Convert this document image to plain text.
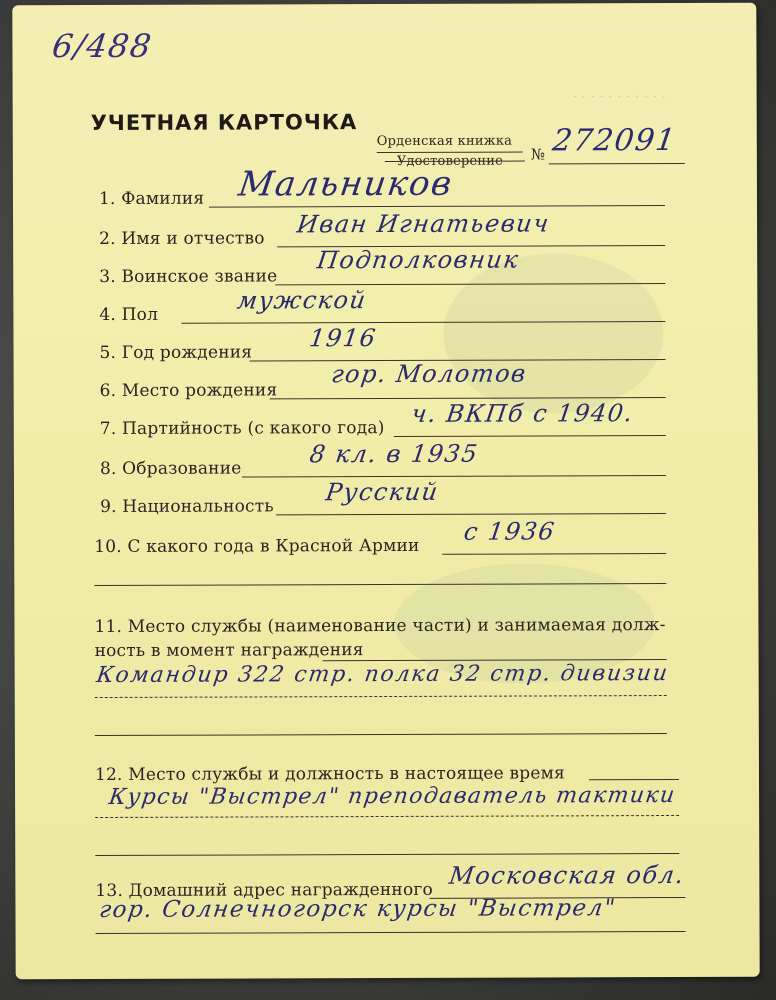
· · · · · · · · · · ·
6/488
УЧЕТНАЯ КАРТОЧКА
Орденская книжка
Удостоверение № 272091
1. Фамилия Мальников
2. Имя и отчество
Иван Игнатьевич
3. Воинское звание
Подполковник
4. Пол
мужской
5. Год рождения
1916
6. Место рождения
гор. Молотов
7. Партийность (с какого года)
ч. ВКПб с 1940.
8. Образование
8 кл. в 1935
9. Национальность
Русский
10. С какого года в Красной Армии
с 1936
11. Место службы (наименование части) и занимаемая долж-
ность в момент награждения
Командир 322 стр. полка 32 стр. дивизии
12. Место службы и должность в настоящее время
Курсы "Выстрел" преподаватель тактики
13. Домашний адрес награжденного
Московская обл.
гор. Солнечногорск курсы "Выстрел"
